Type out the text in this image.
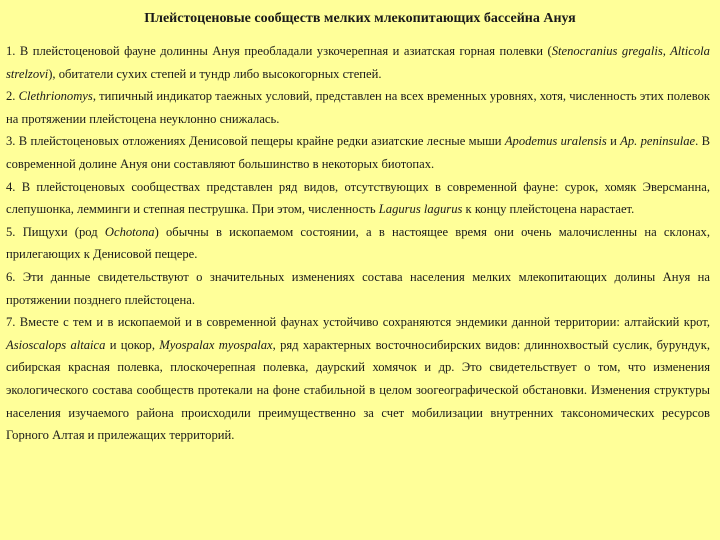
Плейстоценовые сообществ мелких млекопитающих бассейна Ануя

1. В плейстоценовой фауне долинны Ануя преобладали узкочерепная и азиатская горная полевки (Stenocranius gregalis, Alticola strelzovi), обитатели сухих степей и тундр либо высокогорных степей.

2. Clethrionomys, типичный индикатор таежных условий, представлен на всех временных уровнях, хотя, численность этих полевок на протяжении плейстоцена неуклонно снижалась.

3. В плейстоценовых отложениях Денисовой пещеры крайне редки азиатские лесные мыши Apodemus uralensis и Ap. peninsulae. В современной долине Ануя они составляют большинство в некоторых биотопах.

4. В плейстоценовых сообществах представлен ряд видов, отсутствующих в современной фауне: сурок, хомяк Эверсманна, слепушонка, лемминги и степная пеструшка. При этом, численность Lagurus lagurus к концу плейстоцена нарастает.

5. Пищухи (род Ochotona) обычны в ископаемом состоянии, а в настоящее время они очень малочисленны на склонах, прилегающих к Денисовой пещере.

6. Эти данные свидетельствуют о значительных изменениях состава населения мелких млекопитающих долины Ануя на протяжении позднего плейстоцена.

7. Вместе с тем и в ископаемой и в современной фаунах устойчиво сохраняются эндемики данной территории: алтайский крот, Asioscalops altaica и цокор, Myospalax myospalax, ряд характерных восточносибирских видов: длиннохвостый суслик, бурундук, сибирская красная полевка, плоскочерепная полевка, даурский хомячок и др. Это свидетельствует о том, что изменения экологического состава сообществ протекали на фоне стабильной в целом зоогеографической обстановки. Изменения структуры населения изучаемого района происходили преимущественно за счет мобилизации внутренних таксономических ресурсов Горного Алтая и прилежащих территорий.
